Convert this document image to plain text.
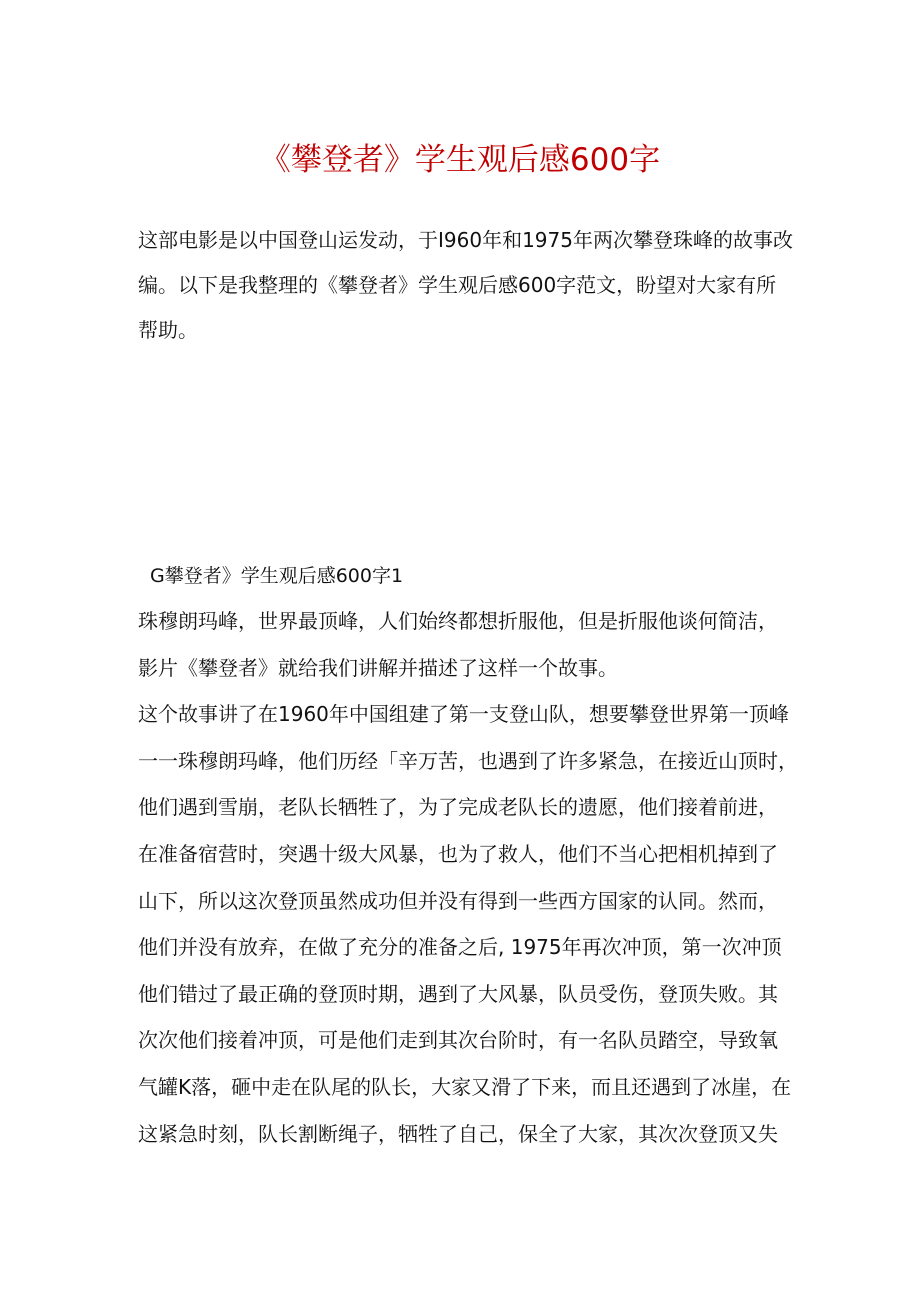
《攀登者》学生观后感600字
这部电影是以中国登山运发动，于I960年和1975年两次攀登珠峰的故事改
编。以下是我整理的《攀登者》学生观后感600字范文，盼望对大家有所
帮助。
G攀登者》学生观后感600字1
珠穆朗玛峰，世界最顶峰，人们始终都想折服他，但是折服他谈何简洁，
影片《攀登者》就给我们讲解并描述了这样一个故事。
这个故事讲了在1960年中国组建了第一支登山队，想要攀登世界第一顶峰
一一珠穆朗玛峰，他们历经「辛万苦，也遇到了许多紧急，在接近山顶时，
他们遇到雪崩，老队长牺牲了，为了完成老队长的遗愿，他们接着前进，
在准备宿营时，突遇十级大风暴，也为了救人，他们不当心把相机掉到了
山下，所以这次登顶虽然成功但并没有得到一些西方国家的认同。然而，
他们并没有放弃，在做了充分的准备之后, 1975年再次冲顶，第一次冲顶
他们错过了最正确的登顶时期，遇到了大风暴，队员受伤，登顶失败。其
次次他们接着冲顶，可是他们走到其次台阶时，有一名队员踏空，导致氧
气罐K落，砸中走在队尾的队长，大家又滑了下来，而且还遇到了冰崖，在
这紧急时刻，队长割断绳子，牺牲了自己，保全了大家，其次次登顶又失
